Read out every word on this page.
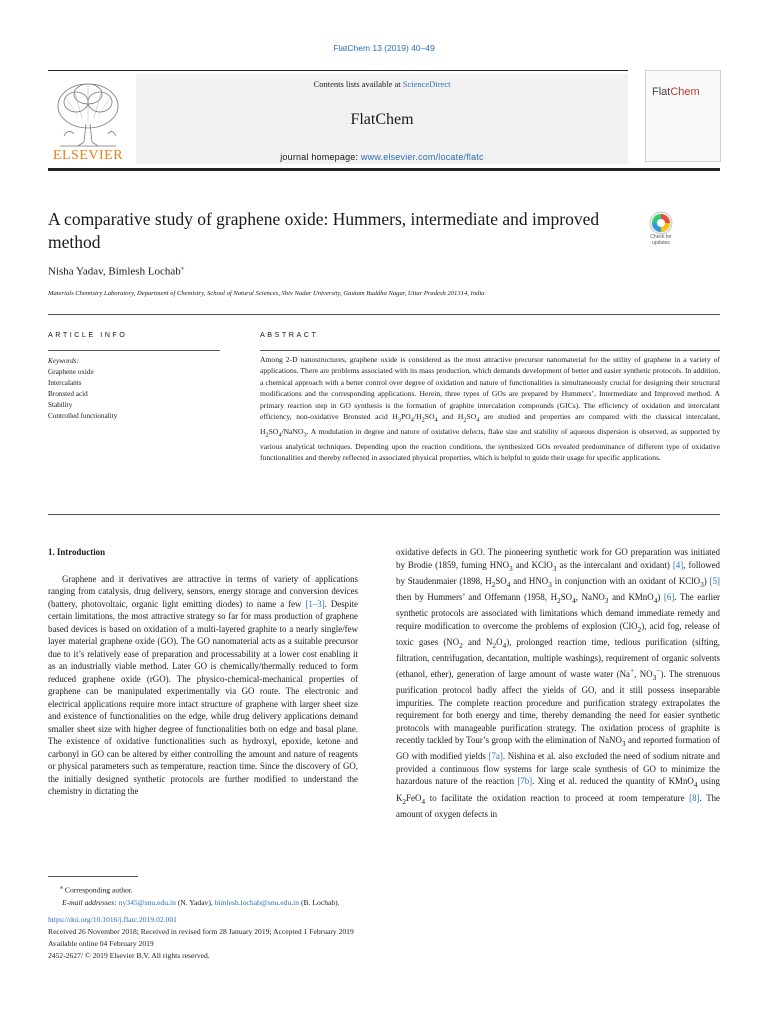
FlatChem 13 (2019) 40–49
Contents lists available at ScienceDirect
FlatChem
journal homepage: www.elsevier.com/locate/flatc
ELSEVIER
FlatChem
A comparative study of graphene oxide: Hummers, intermediate and improved method	Check for updates
Nisha Yadav, Bimlesh Lochab⁎
Materials Chemistry Laboratory, Department of Chemistry, School of Natural Sciences, Shiv Nadar University, Gautam Buddha Nagar, Uttar Pradesh 201314, India
ARTICLE INFO	ABSTRACT
Keywords:
Graphene oxide
Intercalants
Bronsted acid
Stability
Controlled functionality
Among 2-D nanostructures, graphene oxide is considered as the most attractive precursor nanomaterial for the utility of graphene in a variety of applications. There are problems associated with its mass production, which demands development of better and easier synthetic protocols. In addition, a chemical approach with a better control over degree of oxidation and nature of functionalities is simultaneously crucial for designing their structural modifications and the corresponding applications. Herein, three types of GOs are prepared by Hummers’, Intermediate and Improved method. A primary reaction step in GO synthesis is the formation of graphite intercalation compounds (GICs). The efficiency of oxidation and intercalant efficiency, non-oxidative Bronsted acid $H_3PO_4/H_2SO_4$ and $H_2SO_4$ are studied and properties are compared with the classical intercalant, $H_2SO_4/NaNO_3$. A modulation in degree and nature of oxidative defects, flake size and stability of aqueous dispersion is observed, as supported by various analytical techniques. Depending upon the reaction conditions, the synthesized GOs revealed predominance of different type of oxidative functionalities and thereby reflected in associated physical properties, which is helpful to guide their usage for specific applications.
1. Introduction

Graphene and it derivatives are attractive in terms of variety of applications ranging from catalysis, drug delivery, sensors, energy storage and conversion devices (battery, photovoltaic, organic light emitting diodes) to name a few [1–3]. Despite certain limitations, the most attractive strategy so far for mass production of graphene based devices is based on oxidation of a multi-layered graphite to a nearly single/few layer material graphene oxide (GO). The GO nanomaterial acts as a suitable precursor due to it’s relatively ease of preparation and processability at a lower cost enabling it as an industrially viable method. Later GO is chemically/thermally reduced to form reduced graphene oxide (rGO). The physico-chemical-mechanical properties of graphene can be manipulated experimentally via GO route. The electronic and electrical applications require more intact structure of graphene with larger sheet size and existence of functionalities on the edge, while drug delivery applications demand smaller sheet size with higher degree of functionalities both on edge and basal plane. The existence of oxidative functionalities such as hydroxyl, epoxide, ketone and carbonyl in GO can be altered by either controlling the amount and nature of reagents or physical parameters such as temperature, reaction time. Since the discovery of GO, the initially designed synthetic protocols are further modified to understand the chemistry in dictating the

oxidative defects in GO. The pioneering synthetic work for GO preparation was initiated by Brodie (1859, fuming $HNO_3$ and KClO$_3$ as the intercalant and oxidant) [4], followed by Staudenmaier (1898, $H_2SO_4$ and $HNO_3$ in conjunction with an oxidant of KClO$_3$) [5] then by Hummers’ and Offemann (1958, $H_2SO_4$, NaNO$_3$ and KMnO$_4$) [6]. The earlier synthetic protocols are associated with limitations which demand immediate remedy and require modification to overcome the problems of explosion (ClO$_2$), acid fog, release of toxic gases ($NO_2$ and $N_2O_4$), prolonged reaction time, tedious purification (sifting, filtration, centrifugation, decantation, multiple washings), requirement of organic solvents (ethanol, ether), generation of large amount of waste water (Na+, $NO_3^-$). The strenuous purification protocol badly affect the yields of GO, and it still possess inseparable impurities. The complete reaction procedure and purification strategy extrapolates the requirement for both energy and time, thereby demanding the need for easier synthetic protocols with manageable purification strategy. The oxidation process of graphite is recently tackled by Tour’s group with the elimination of NaNO$_3$ and reported formation of GO with modified yields [7a]. Nishina et al. also excluded the need of sodium nitrate and provided a continuous flow systems for large scale synthesis of GO to minimize the hazardous nature of the reaction [7b]. Xing et al. reduced the quantity of KMnO$_4$ using $K_2FeO_4$ to facilitate the oxidation reaction to proceed at room temperature [8]. The amount of oxygen defects in

⁎ Corresponding author.
E-mail addresses: ny345@snu.edu.in (N. Yadav), bimlesh.lochab@snu.edu.in (B. Lochab).
https://doi.org/10.1016/j.flatc.2019.02.001
Received 26 November 2018; Received in revised form 28 January 2019; Accepted 1 February 2019
Available online 04 February 2019
2452-2627/ © 2019 Elsevier B.V. All rights reserved.
